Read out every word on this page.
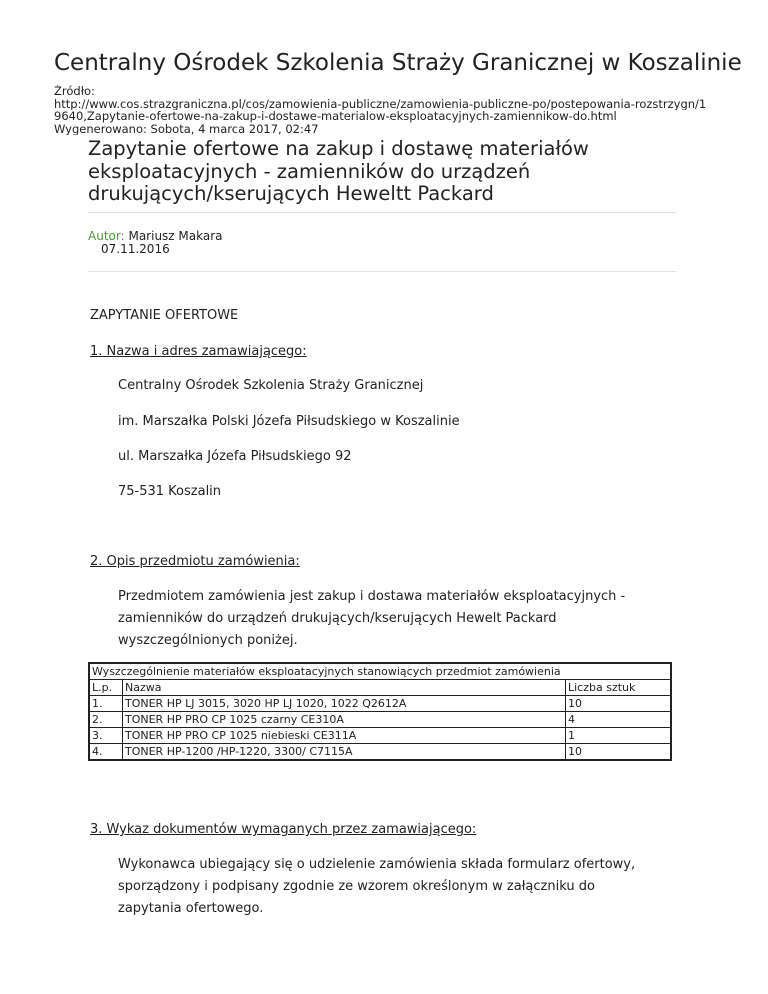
Centralny Ośrodek Szkolenia Straży Granicznej w Koszalinie
Źródło:
http://www.cos.strazgraniczna.pl/cos/zamowienia-publiczne/zamowienia-publiczne-po/postepowania-rozstrzygn/1
9640,Zapytanie-ofertowe-na-zakup-i-dostawe-materialow-eksploatacyjnych-zamiennikow-do.html
Wygenerowano: Sobota, 4 marca 2017, 02:47
Zapytanie ofertowe na zakup i dostawę materiałów eksploatacyjnych - zamienników do urządzeń drukujących/kserujących Heweltt Packard
Autor: Mariusz Makara
07.11.2016
ZAPYTANIE OFERTOWE
1. Nazwa i adres zamawiającego:
Centralny Ośrodek Szkolenia Straży Granicznej
im. Marszałka Polski Józefa Piłsudskiego w Koszalinie
ul. Marszałka Józefa Piłsudskiego 92
75-531 Koszalin
2. Opis przedmiotu zamówienia:
Przedmiotem zamówienia jest zakup i dostawa materiałów eksploatacyjnych - zamienników do urządzeń drukujących/kserujących Hewelt Packard wyszczególnionych poniżej.
Wyszczególnienie materiałów eksploatacyjnych stanowiących przedmiot zamówienia		
L.p.	Nazwa	Liczba sztuk
1.	TONER HP LJ 3015, 3020 HP LJ 1020, 1022 Q2612A	10
2.	TONER HP PRO CP 1025 czarny CE310A	4
3.	TONER HP PRO CP 1025 niebieski CE311A	1
4.	TONER HP-1200 /HP-1220, 3300/ C7115A	10
3. Wykaz dokumentów wymaganych przez zamawiającego:
Wykonawca ubiegający się o udzielenie zamówienia składa formularz ofertowy, sporządzony i podpisany zgodnie ze wzorem określonym w załączniku do zapytania ofertowego.
